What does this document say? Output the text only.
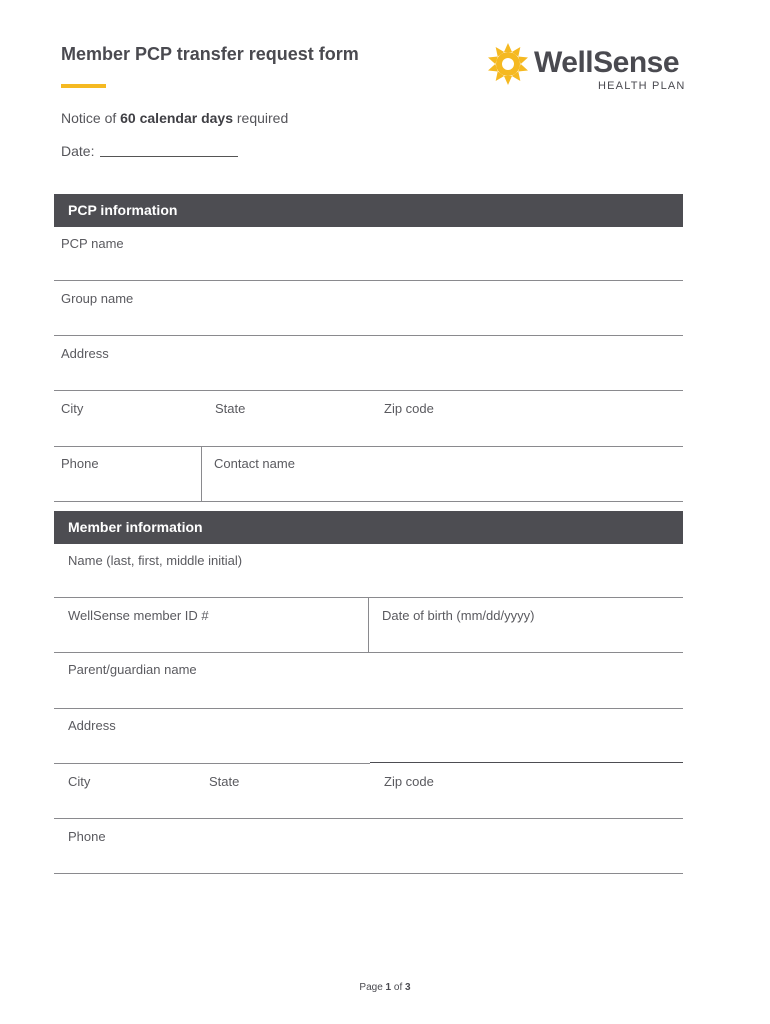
Member PCP transfer request form	WellSense
HEALTH PLAN
Notice of 60 calendar days required
Date:
PCP information
PCP name
Group name
Address
City	State	Zip code
Phone	Contact name
Member information
Name (last, first, middle initial)
WellSense member ID #	Date of birth (mm/dd/yyyy)
Parent/guardian name
Address
City	State	Zip code
Phone
Page 1 of 3
